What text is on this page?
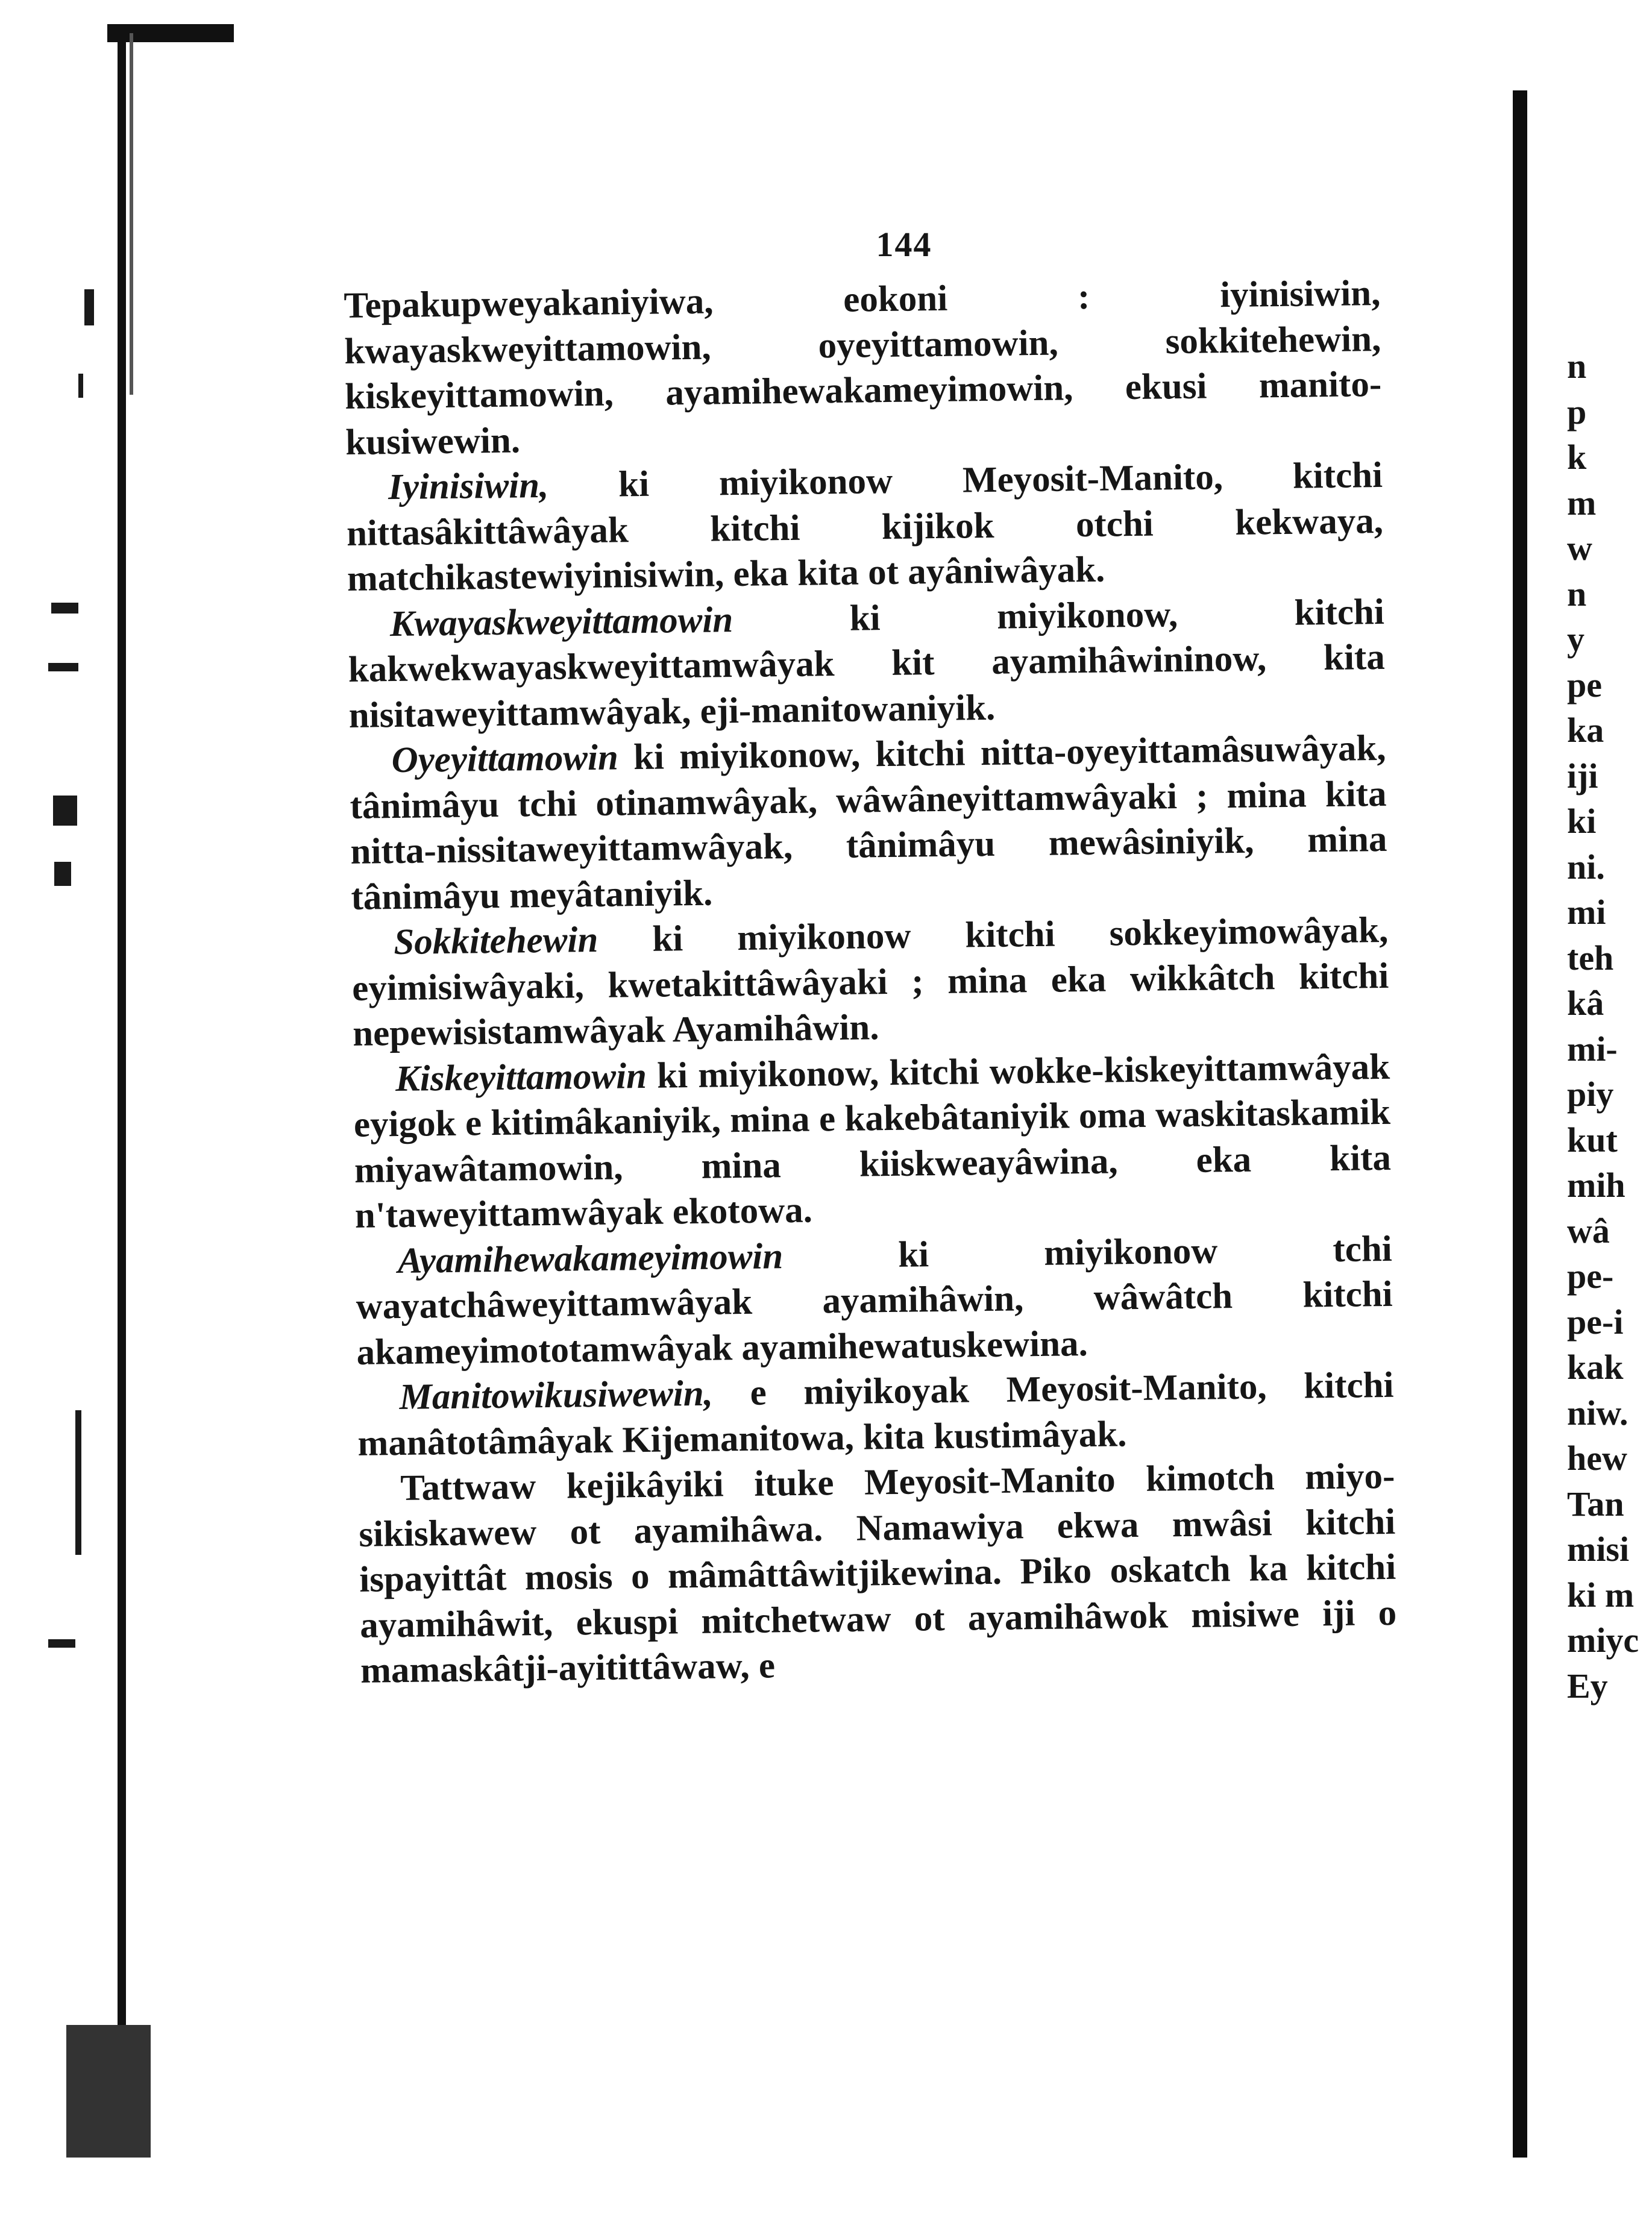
144

Tepakupweyakaniyiwa, eokoni : iyinisiwin, kwayaskweyittamowin, oyeyittamowin, sokkitehewin, kiskeyittamowin, ayamihewakameyimowin, ekusi manito-kusiwewin.

Iyinisiwin, ki miyikonow Meyosit-Manito, kitchi nittasâkittâwâyak kitchi kijikok otchi kekwaya, matchikastewiyinisiwin, eka kita ot ayâniwâyak.

Kwayaskweyittamowin ki miyikonow, kitchi kakwekwayaskweyittamwâyak kit ayamihâwininow, kita nisitaweyittamwâyak, eji-manitowaniyik.

Oyeyittamowin ki miyikonow, kitchi nitta-oyeyittamâsuwâyak, tânimâyu tchi otinamwâyak, wâwâneyittamwâyaki ; mina kita nitta-nissitaweyittamwâyak, tânimâyu mewâsiniyik, mina tânimâyu meyâtaniyik.

Sokkitehewin ki miyikonow kitchi sokkeyimowâyak, eyimisiwâyaki, kwetakittâwâyaki ; mina eka wikkâtch kitchi nepewisistamwâyak Ayamihâwin.

Kiskeyittamowin ki miyikonow, kitchi wokke-kiskeyittamwâyak eyigok e kitimâkaniyik, mina e kakebâtaniyik oma waskitaskamik miyawâtamowin, mina kiiskweayâwina, eka kita n'taweyittamwâyak ekotowa.

Ayamihewakameyimowin ki miyikonow tchi wayatchâweyittamwâyak ayamihâwin, wâwâtch kitchi akameyimototamwâyak ayamihewatuskewina.

Manitowikusiwewin, e miyikoyak Meyosit-Manito, kitchi manâtotâmâyak Kijemanitowa, kita kustimâyak.

Tattwaw kejikâyiki ituke Meyosit-Manito kimotch miyo-sikiskawew ot ayamihâwa. Namawiya ekwa mwâsi kitchi ispayittât mosis o mâmâttâwitjikewina. Piko oskatch ka kitchi ayamihâwit, ekuspi mitchetwaw ot ayamihâwok misiwe iji o mamaskâtji-ayitittâwaw, e

n
p
k
m
w
n
y
pe
ka
iji
ki
ni.
mi
teh
kâ
mi-
piy
kut
mih
wâ
pe-
pe-i
kak
niw.
hew
Tan
misi
ki m
miyc
Ey
